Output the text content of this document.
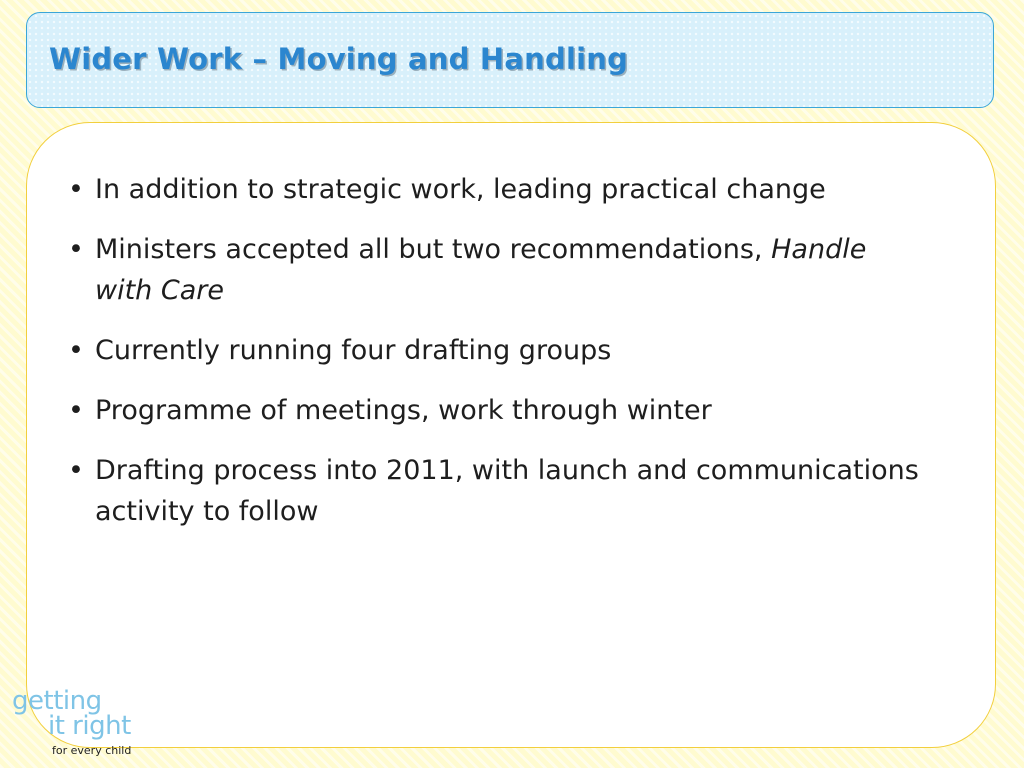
Wider Work – Moving and Handling
• In addition to strategic work, leading practical change
• Ministers accepted all but two recommendations, Handle with Care
• Currently running four drafting groups
• Programme of meetings, work through winter
• Drafting process into 2011, with launch and communications activity to follow
getting
it right
for every child
